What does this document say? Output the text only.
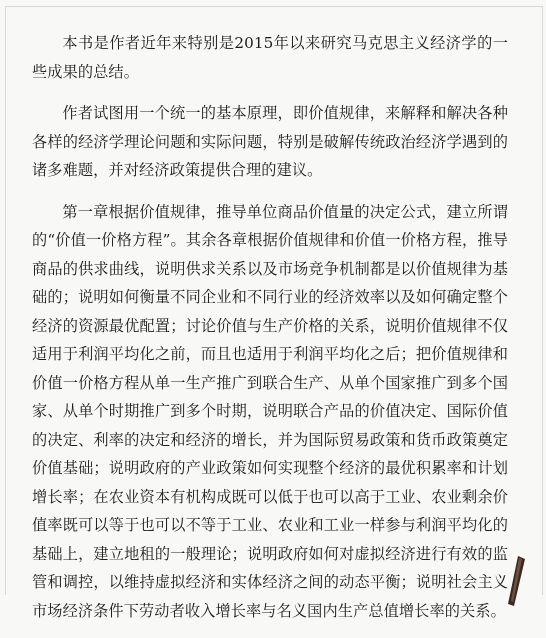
本书是作者近年来特别是2015年以来研究马克思主义经济学的一些成果的总结。

作者试图用一个统一的基本原理，即价值规律，来解释和解决各种各样的经济学理论问题和实际问题，特别是破解传统政治经济学遇到的诸多难题，并对经济政策提供合理的建议。

第一章根据价值规律，推导单位商品价值量的决定公式，建立所谓的“价值一价格方程”。其余各章根据价值规律和价值一价格方程，推导商品的供求曲线，说明供求关系以及市场竞争机制都是以价值规律为基础的；说明如何衡量不同企业和不同行业的经济效率以及如何确定整个经济的资源最优配置；讨论价值与生产价格的关系，说明价值规律不仅适用于利润平均化之前，而且也适用于利润平均化之后；把价值规律和价值一价格方程从单一生产推广到联合生产、从单个国家推广到多个国家、从单个时期推广到多个时期，说明联合产品的价值决定、国际价值的决定、利率的决定和经济的增长，并为国际贸易政策和货币政策奠定价值基础；说明政府的产业政策如何实现整个经济的最优积累率和计划增长率；在农业资本有机构成既可以低于也可以高于工业、农业剩余价值率既可以等于也可以不等于工业、农业和工业一样参与利润平均化的基础上，建立地租的一般理论；说明政府如何对虚拟经济进行有效的监管和调控，以维持虚拟经济和实体经济之间的动态平衡；说明社会主义市场经济条件下劳动者收入增长率与名义国内生产总值增长率的关系。
